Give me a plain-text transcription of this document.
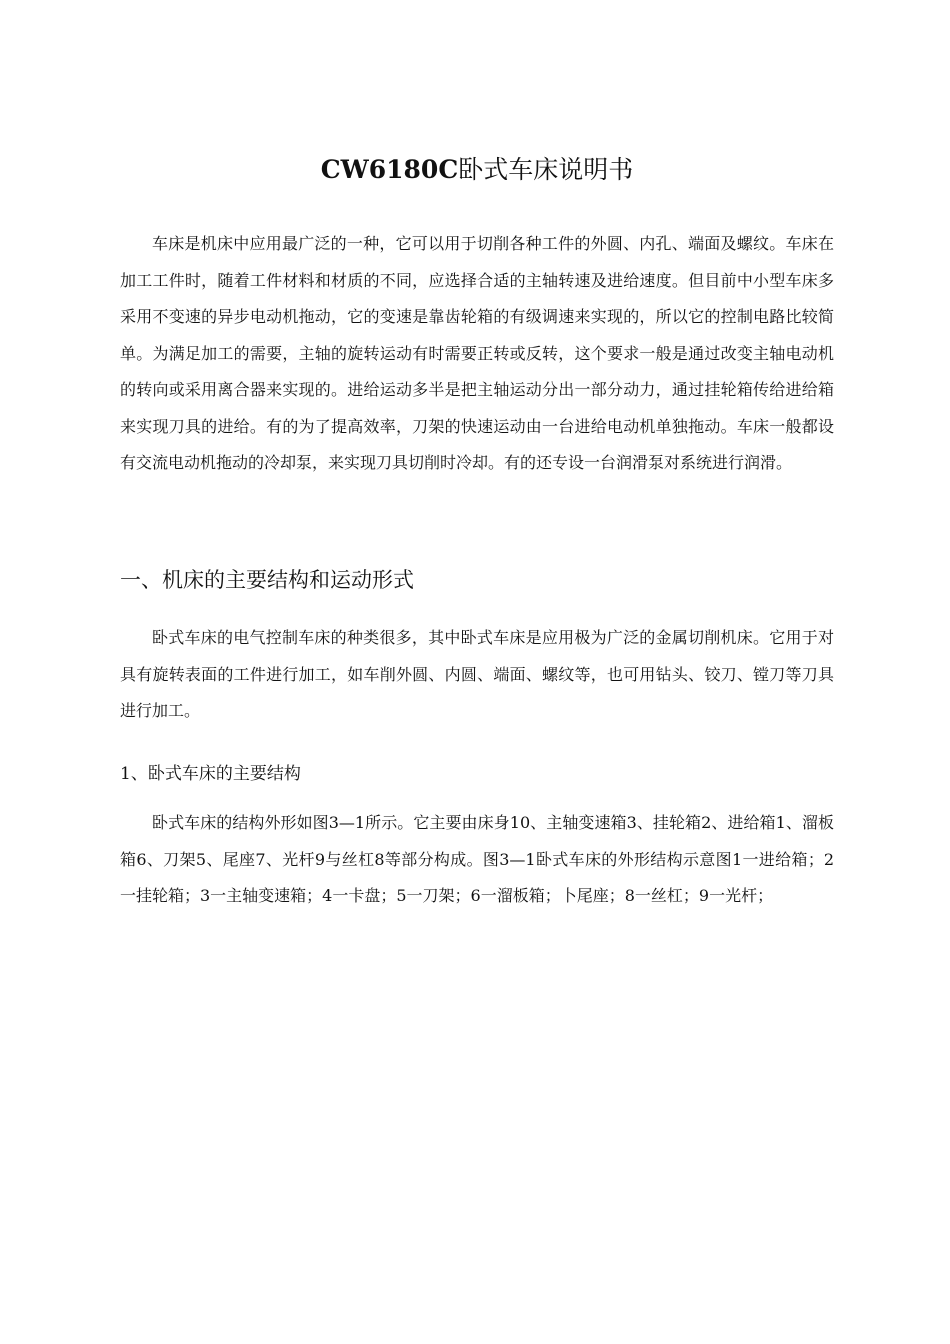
CW6180C卧式车床说明书

车床是机床中应用最广泛的一种，它可以用于切削各种工件的外圆、内孔、端面及螺纹。车床在加工工件时，随着工件材料和材质的不同，应选择合适的主轴转速及进给速度。但目前中小型车床多采用不变速的异步电动机拖动，它的变速是靠齿轮箱的有级调速来实现的，所以它的控制电路比较简单。为满足加工的需要，主轴的旋转运动有时需要正转或反转，这个要求一般是通过改变主轴电动机的转向或采用离合器来实现的。进给运动多半是把主轴运动分出一部分动力，通过挂轮箱传给进给箱来实现刀具的进给。有的为了提高效率，刀架的快速运动由一台进给电动机单独拖动。车床一般都设有交流电动机拖动的冷却泵，来实现刀具切削时冷却。有的还专设一台润滑泵对系统进行润滑。

一、机床的主要结构和运动形式

卧式车床的电气控制车床的种类很多，其中卧式车床是应用极为广泛的金属切削机床。它用于对具有旋转表面的工件进行加工，如车削外圆、内圆、端面、螺纹等，也可用钻头、铰刀、镗刀等刀具进行加工。

1、卧式车床的主要结构

卧式车床的结构外形如图3—1所示。它主要由床身10、主轴变速箱3、挂轮箱2、进给箱1、溜板箱6、刀架5、尾座7、光杆9与丝杠8等部分构成。图3—1卧式车床的外形结构示意图1一进给箱；2一挂轮箱；3一主轴变速箱；4一卡盘；5一刀架；6一溜板箱；卜尾座；8一丝杠；9一光杆；
